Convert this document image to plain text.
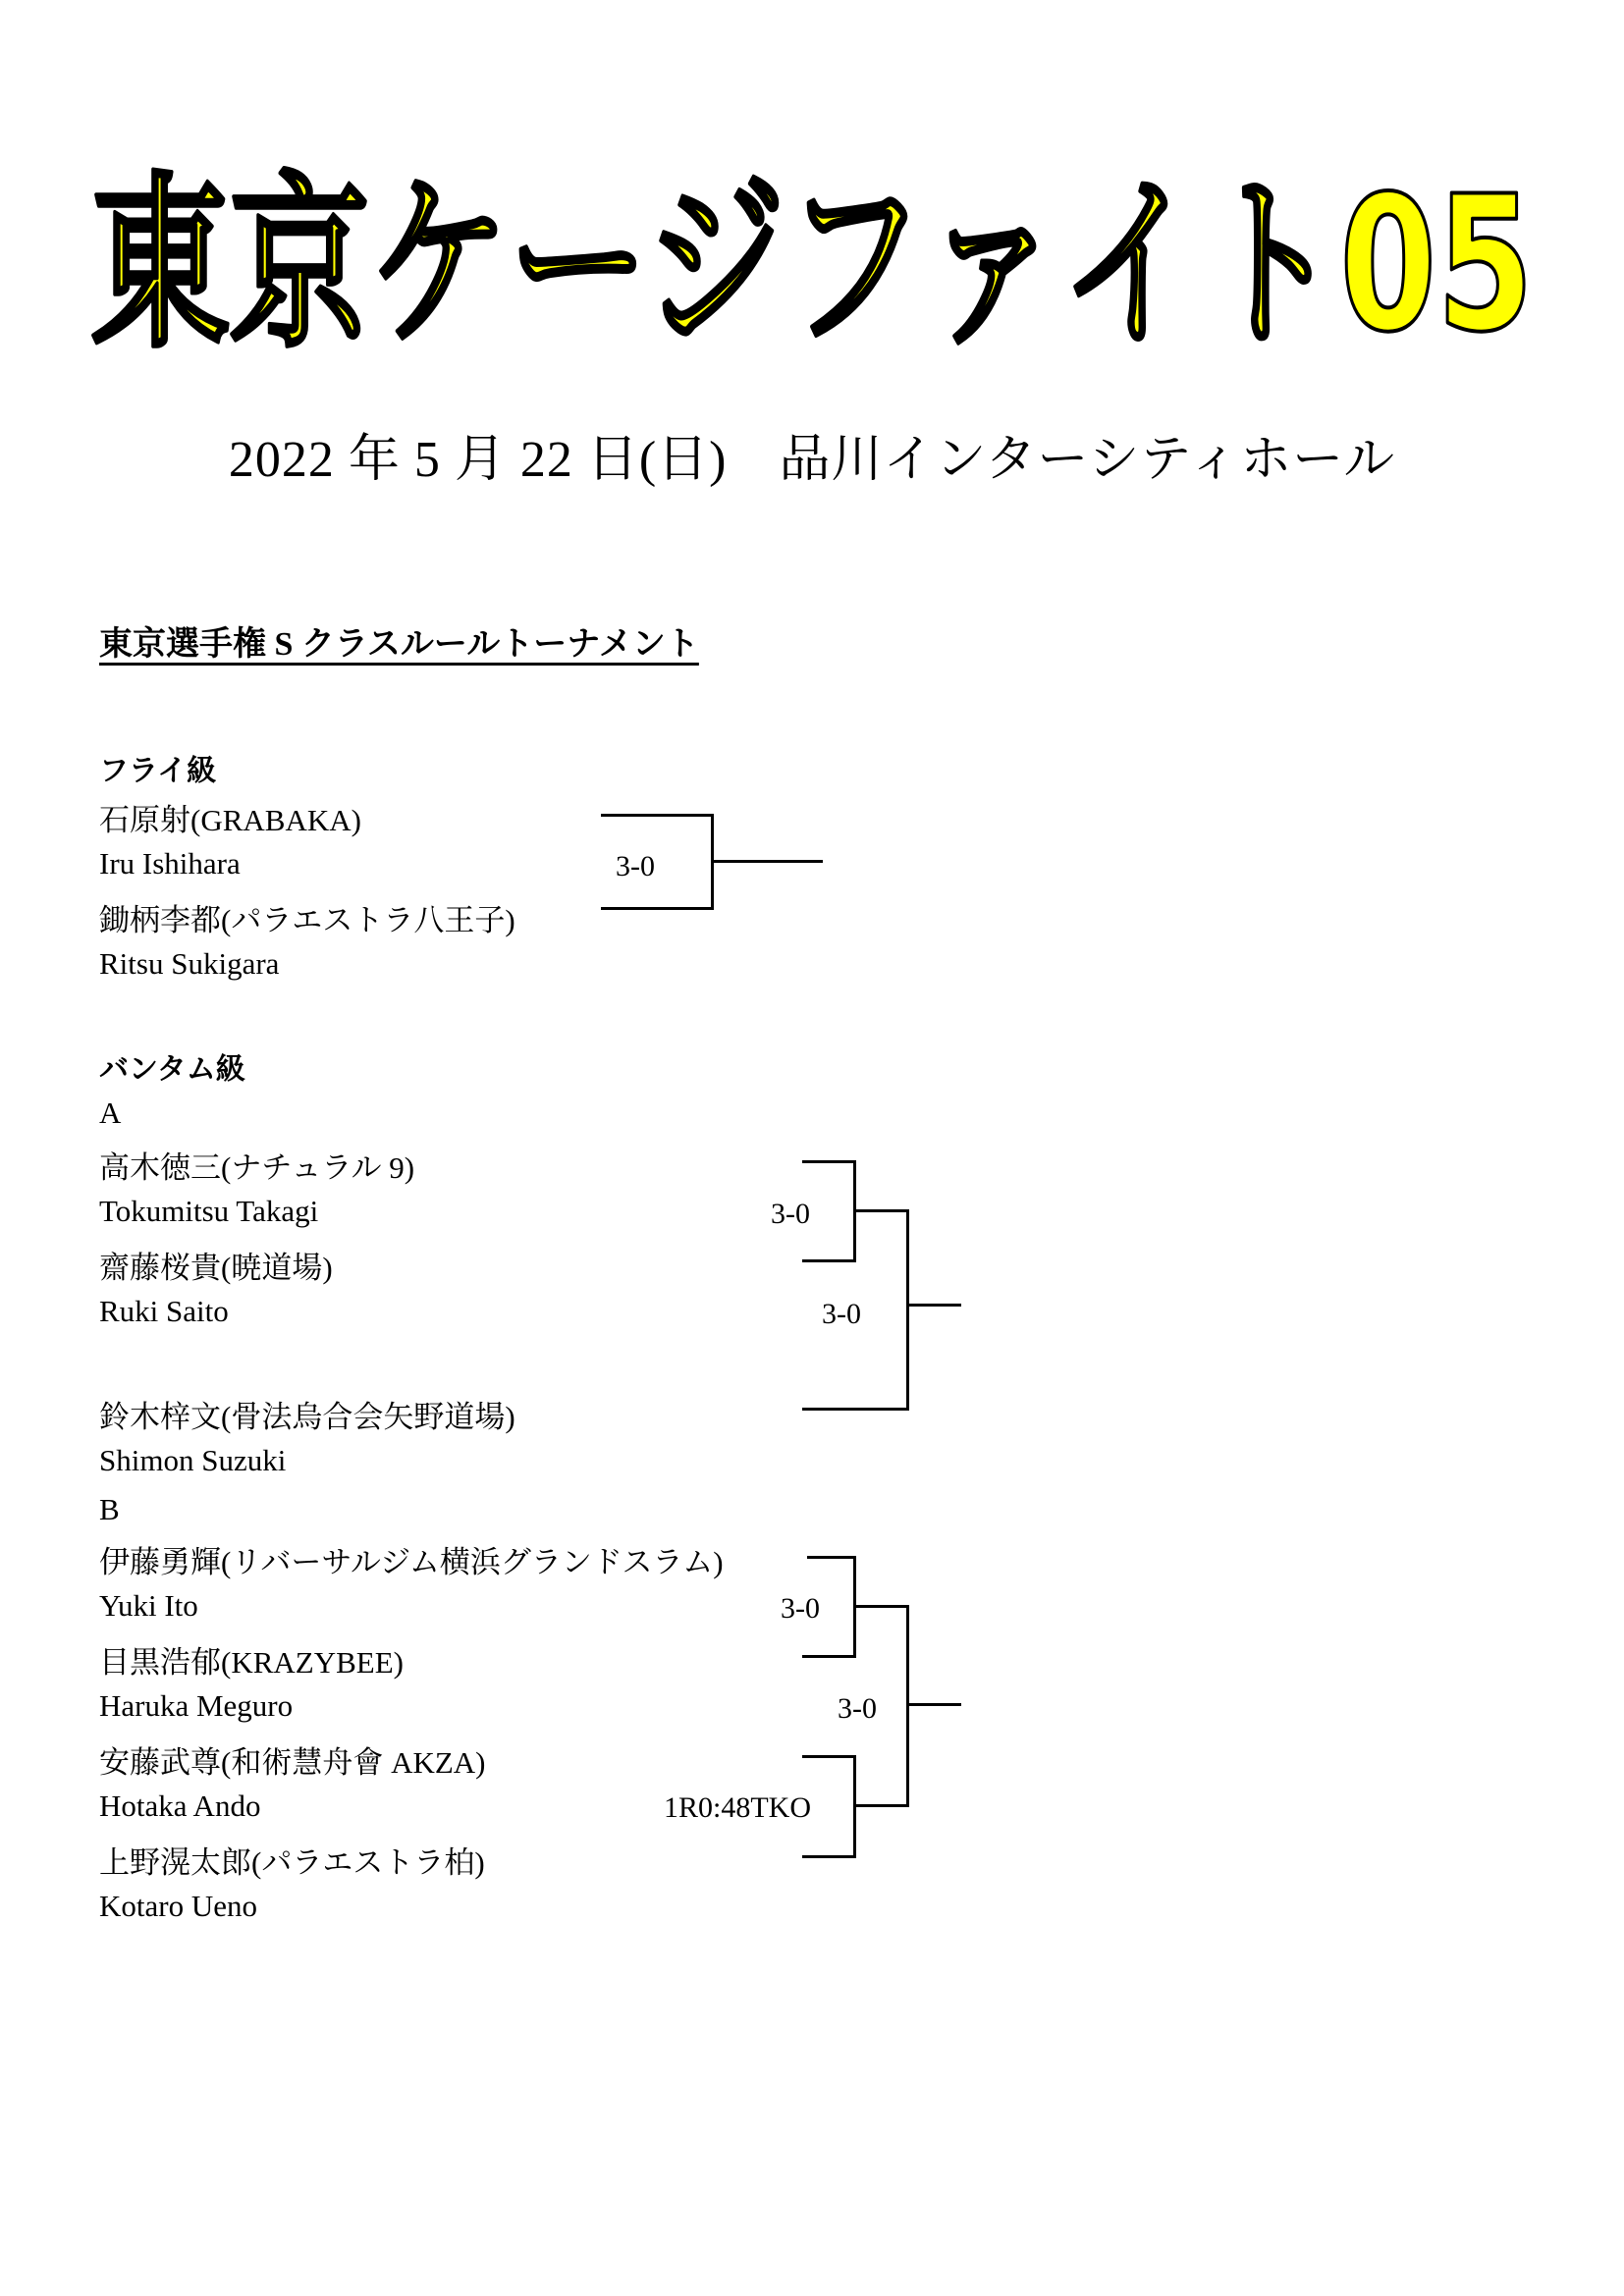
東京ケージファイト05
2022 年 5 月 22 日(日)　品川インターシティホール
東京選手権 S クラスルールトーナメント
フライ級
石原射(GRABAKA)
Iru Ishihara
鋤柄李都(パラエストラ八王子)
Ritsu Sukigara
3-0
バンタム級
A
高木徳三(ナチュラル 9)
Tokumitsu Takagi
齋藤桜貴(暁道場)
Ruki Saito
鈴木梓文(骨法烏合会矢野道場)
Shimon Suzuki
3-0
3-0
B
伊藤勇輝(リバーサルジム横浜グランドスラム)
Yuki Ito
目黒浩郁(KRAZYBEE)
Haruka Meguro
安藤武尊(和術慧舟會 AKZA)
Hotaka Ando
上野滉太郎(パラエストラ柏)
Kotaro Ueno
3-0
1R0:48TKO
3-0
